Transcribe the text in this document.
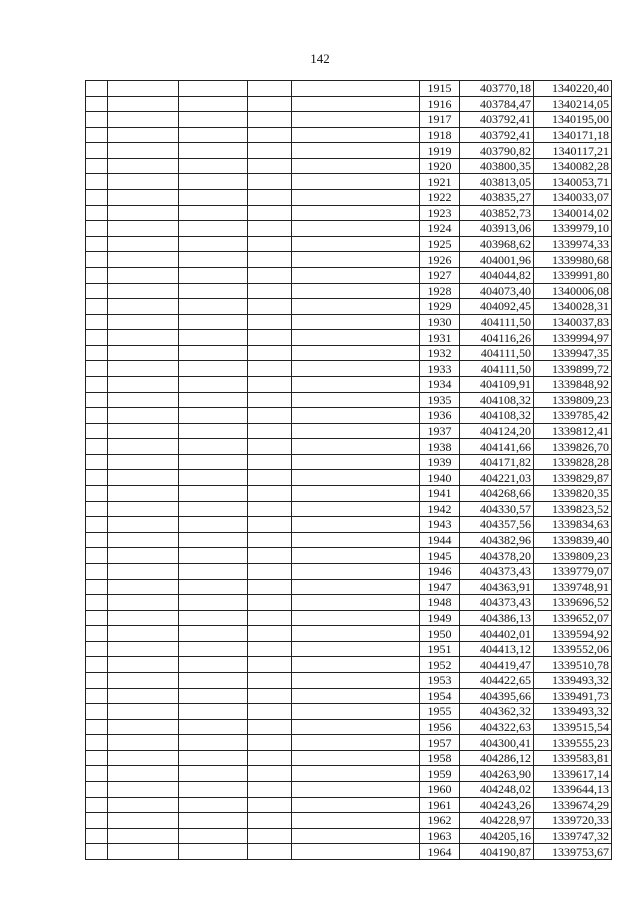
142
					1915	403770,18	1340220,40
					1916	403784,47	1340214,05
					1917	403792,41	1340195,00
					1918	403792,41	1340171,18
					1919	403790,82	1340117,21
					1920	403800,35	1340082,28
					1921	403813,05	1340053,71
					1922	403835,27	1340033,07
					1923	403852,73	1340014,02
					1924	403913,06	1339979,10
					1925	403968,62	1339974,33
					1926	404001,96	1339980,68
					1927	404044,82	1339991,80
					1928	404073,40	1340006,08
					1929	404092,45	1340028,31
					1930	404111,50	1340037,83
					1931	404116,26	1339994,97
					1932	404111,50	1339947,35
					1933	404111,50	1339899,72
					1934	404109,91	1339848,92
					1935	404108,32	1339809,23
					1936	404108,32	1339785,42
					1937	404124,20	1339812,41
					1938	404141,66	1339826,70
					1939	404171,82	1339828,28
					1940	404221,03	1339829,87
					1941	404268,66	1339820,35
					1942	404330,57	1339823,52
					1943	404357,56	1339834,63
					1944	404382,96	1339839,40
					1945	404378,20	1339809,23
					1946	404373,43	1339779,07
					1947	404363,91	1339748,91
					1948	404373,43	1339696,52
					1949	404386,13	1339652,07
					1950	404402,01	1339594,92
					1951	404413,12	1339552,06
					1952	404419,47	1339510,78
					1953	404422,65	1339493,32
					1954	404395,66	1339491,73
					1955	404362,32	1339493,32
					1956	404322,63	1339515,54
					1957	404300,41	1339555,23
					1958	404286,12	1339583,81
					1959	404263,90	1339617,14
					1960	404248,02	1339644,13
					1961	404243,26	1339674,29
					1962	404228,97	1339720,33
					1963	404205,16	1339747,32
					1964	404190,87	1339753,67
